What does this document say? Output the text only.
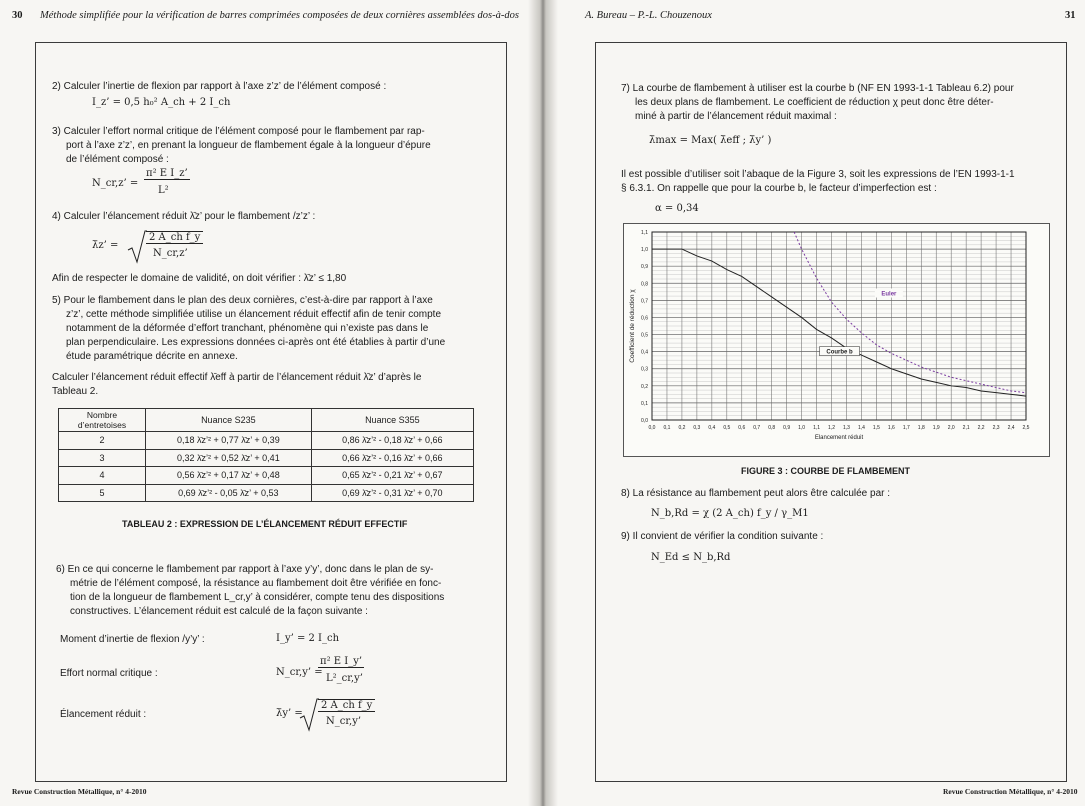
30 Méthode simplifiée pour la vérification de barres comprimées composées de deux cornières assemblées dos-à-dos
2) Calculer l’inertie de flexion par rapport à l’axe z’z’ de l’élément composé :
I_z’ = 0,5 h₀² A_ch + 2 I_ch
3) Calculer l’effort normal critique de l’élément composé pour le flambement par rap-
port à l’axe z’z’, en prenant la longueur de flambement égale à la longueur d’épure
de l’élément composé :
N_cr,z’ =
π² E I_z’
L²
4) Calculer l’élancement réduit λ̄z’ pour le flambement /z’z’ :
λ̄z’ =
2 A_ch f_y
N_cr,z’
Afin de respecter le domaine de validité, on doit vérifier : λ̄z’ ≤ 1,80
5) Pour le flambement dans le plan des deux cornières, c’est-à-dire par rapport à l’axe
z’z’, cette méthode simplifiée utilise un élancement réduit effectif afin de tenir compte
notamment de la déformée d’effort tranchant, phénomène qui n’existe pas dans le
plan perpendiculaire. Les expressions données ci-après ont été établies à partir d’une
étude paramétrique décrite en annexe.
Calculer l’élancement réduit effectif λ̄eff à partir de l’élancement réduit λ̄z’ d’après le
Tableau 2.
Nombre d’entretoises	Nuance S235	Nuance S355
2	0,18 λ̄z’² + 0,77 λ̄z’ + 0,39	0,86 λ̄z’² - 0,18 λ̄z’ + 0,66
3	0,32 λ̄z’² + 0,52 λ̄z’ + 0,41	0,66 λ̄z’² - 0,16 λ̄z’ + 0,66
4	0,56 λ̄z’² + 0,17 λ̄z’ + 0,48	0,65 λ̄z’² - 0,21 λ̄z’ + 0,67
5	0,69 λ̄z’² - 0,05 λ̄z’ + 0,53	0,69 λ̄z’² - 0,31 λ̄z’ + 0,70
TABLEAU 2 : EXPRESSION DE L’ÉLANCEMENT RÉDUIT EFFECTIF
6) En ce qui concerne le flambement par rapport à l’axe y’y’, donc dans le plan de sy-
métrie de l’élément composé, la résistance au flambement doit être vérifiée en fonc-
tion de la longueur de flambement L_cr,y’ à considérer, compte tenu des dispositions
constructives. L’élancement réduit est calculé de la façon suivante :
Moment d’inertie de flexion /y’y’ :	I_y’ = 2 I_ch
Effort normal critique :	N_cr,y’ =
π² E I_y’
L²_cr,y’
Élancement réduit :	λ̄y’ =
2 A_ch f_y
N_cr,y’
Revue Construction Métallique, n° 4-2010
A. Bureau – P.-L. Chouzenoux	31
7) La courbe de flambement à utiliser est la courbe b (NF EN 1993-1-1 Tableau 6.2) pour
les deux plans de flambement. Le coefficient de réduction χ peut donc être déter-
miné à partir de l’élancement réduit maximal :
λ̄max = Max( λ̄eff ; λ̄y’ )
Il est possible d’utiliser soit l’abaque de la Figure 3, soit les expressions de l’EN 1993-1-1
§ 6.3.1. On rappelle que pour la courbe b, le facteur d’imperfection est :
α = 0,34
0,0
0,1
0,2
0,3
0,4
0,5
0,6
0,7
0,8
0,9
1,0
1,1
0,0 0,1 0,2 0,3 0,4 0,5 0,6 0,7 0,8 0,9 1,0 1,1 1,2 1,3 1,4 1,5 1,6 1,7 1,8 1,9 2,0 2,1 2,2 2,3 2,4 2,5
Elancement réduit
Coefficient de réduction χ	Euler
Courbe b
FIGURE 3 : COURBE DE FLAMBEMENT
8) La résistance au flambement peut alors être calculée par :
N_b,Rd = χ (2 A_ch) f_y / γ_M1
9) Il convient de vérifier la condition suivante :
N_Ed ≤ N_b,Rd
Revue Construction Métallique, n° 4-2010
